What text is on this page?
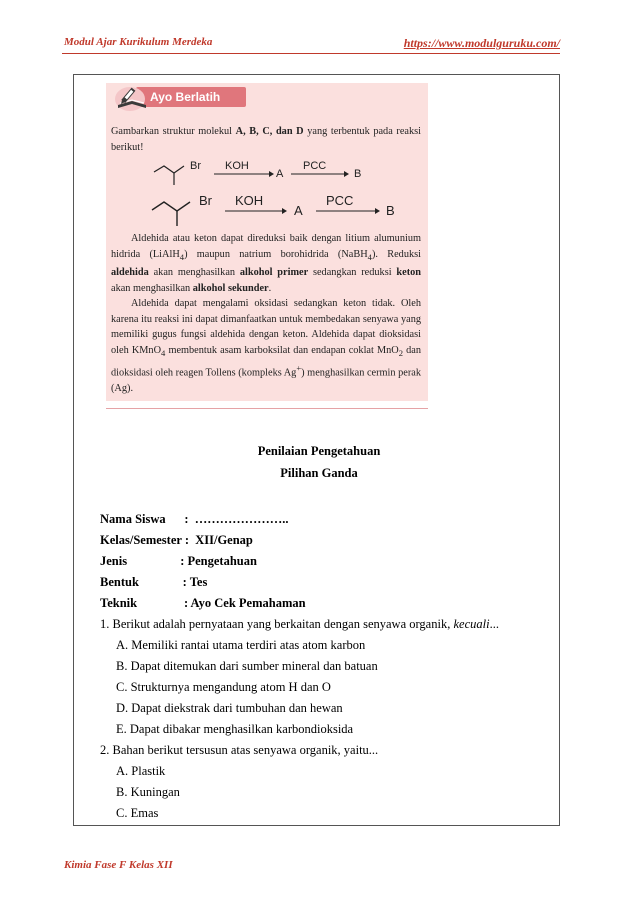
Modul Ajar Kurikulum Merdeka	https://www.modulguruku.com/
Ayo Berlatih
Gambarkan struktur molekul A, B, C, dan D yang terbentuk pada reaksi berikut!
Br KOH
A
PCC
B
Br KOH
A
PCC
B
Aldehida atau keton dapat direduksi baik dengan litium alumunium hidrida (LiAlH$_4$) maupun natrium borohidrida (NaBH$_4$). Reduksi aldehida akan menghasilkan alkohol primer sedangkan reduksi keton akan menghasilkan alkohol sekunder.
Aldehida dapat mengalami oksidasi sedangkan keton tidak. Oleh karena itu reaksi ini dapat dimanfaatkan untuk membedakan senyawa yang memiliki gugus fungsi aldehida dengan keton. Aldehida dapat dioksidasi oleh KMnO$_4$ membentuk asam karboksilat dan endapan coklat MnO$_2$ dan dioksidasi oleh reagen Tollens (kompleks Ag+) menghasilkan cermin perak (Ag).
Penilaian Pengetahuan
Pilihan Ganda
Nama Siswa      :  …………………..
Kelas/Semester :  XII/Genap
Jenis                 : Pengetahuan
Bentuk              : Tes
Teknik               : Ayo Cek Pemahaman
1. Berikut adalah pernyataan yang berkaitan dengan senyawa organik, kecuali...
A. Memiliki rantai utama terdiri atas atom karbon
B. Dapat ditemukan dari sumber mineral dan batuan
C. Strukturnya mengandung atom H dan O
D. Dapat diekstrak dari tumbuhan dan hewan
E. Dapat dibakar menghasilkan karbondioksida
2. Bahan berikut tersusun atas senyawa organik, yaitu...
A. Plastik
B. Kuningan
C. Emas
Kimia Fase F Kelas XII
